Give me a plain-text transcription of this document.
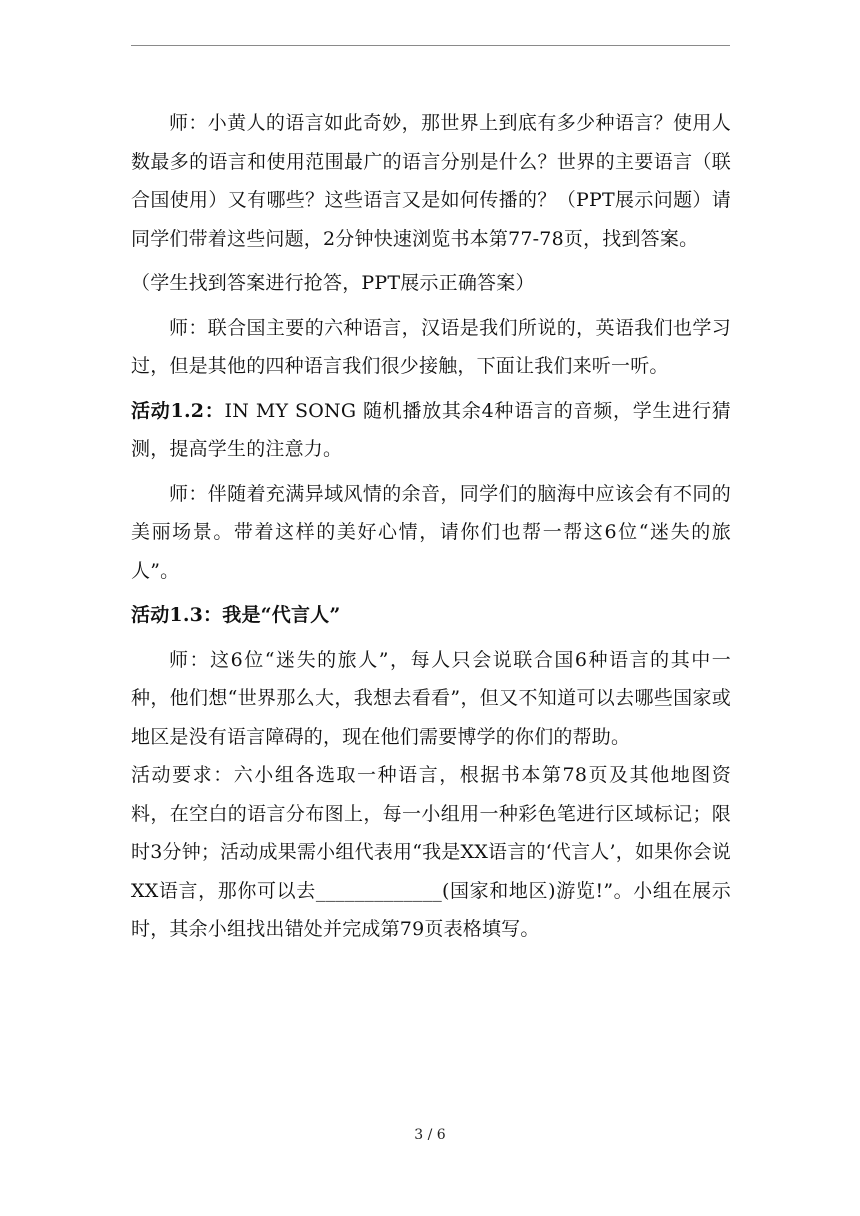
师：小黄人的语言如此奇妙，那世界上到底有多少种语言？使用人数最多的语言和使用范围最广的语言分别是什么？世界的主要语言（联合国使用）又有哪些？这些语言又是如何传播的？（PPT展示问题）请同学们带着这些问题，2分钟快速浏览书本第77-78页，找到答案。

（学生找到答案进行抢答，PPT展示正确答案）

师：联合国主要的六种语言，汉语是我们所说的，英语我们也学习过，但是其他的四种语言我们很少接触，下面让我们来听一听。

活动1.2：IN MY SONG 随机播放其余4种语言的音频，学生进行猜测，提高学生的注意力。

师：伴随着充满异域风情的余音，同学们的脑海中应该会有不同的美丽场景。带着这样的美好心情，请你们也帮一帮这6位“迷失的旅人”。

活动1.3：我是“代言人”

师：这6位“迷失的旅人”，每人只会说联合国6种语言的其中一种，他们想“世界那么大，我想去看看”，但又不知道可以去哪些国家或地区是没有语言障碍的，现在他们需要博学的你们的帮助。

活动要求：六小组各选取一种语言，根据书本第78页及其他地图资料，在空白的语言分布图上，每一小组用一种彩色笔进行区域标记；限时3分钟；活动成果需小组代表用“我是XX语言的‘代言人’，如果你会说XX语言，那你可以去_____________(国家和地区)游览!”。小组在展示时，其余小组找出错处并完成第79页表格填写。

3 / 6
